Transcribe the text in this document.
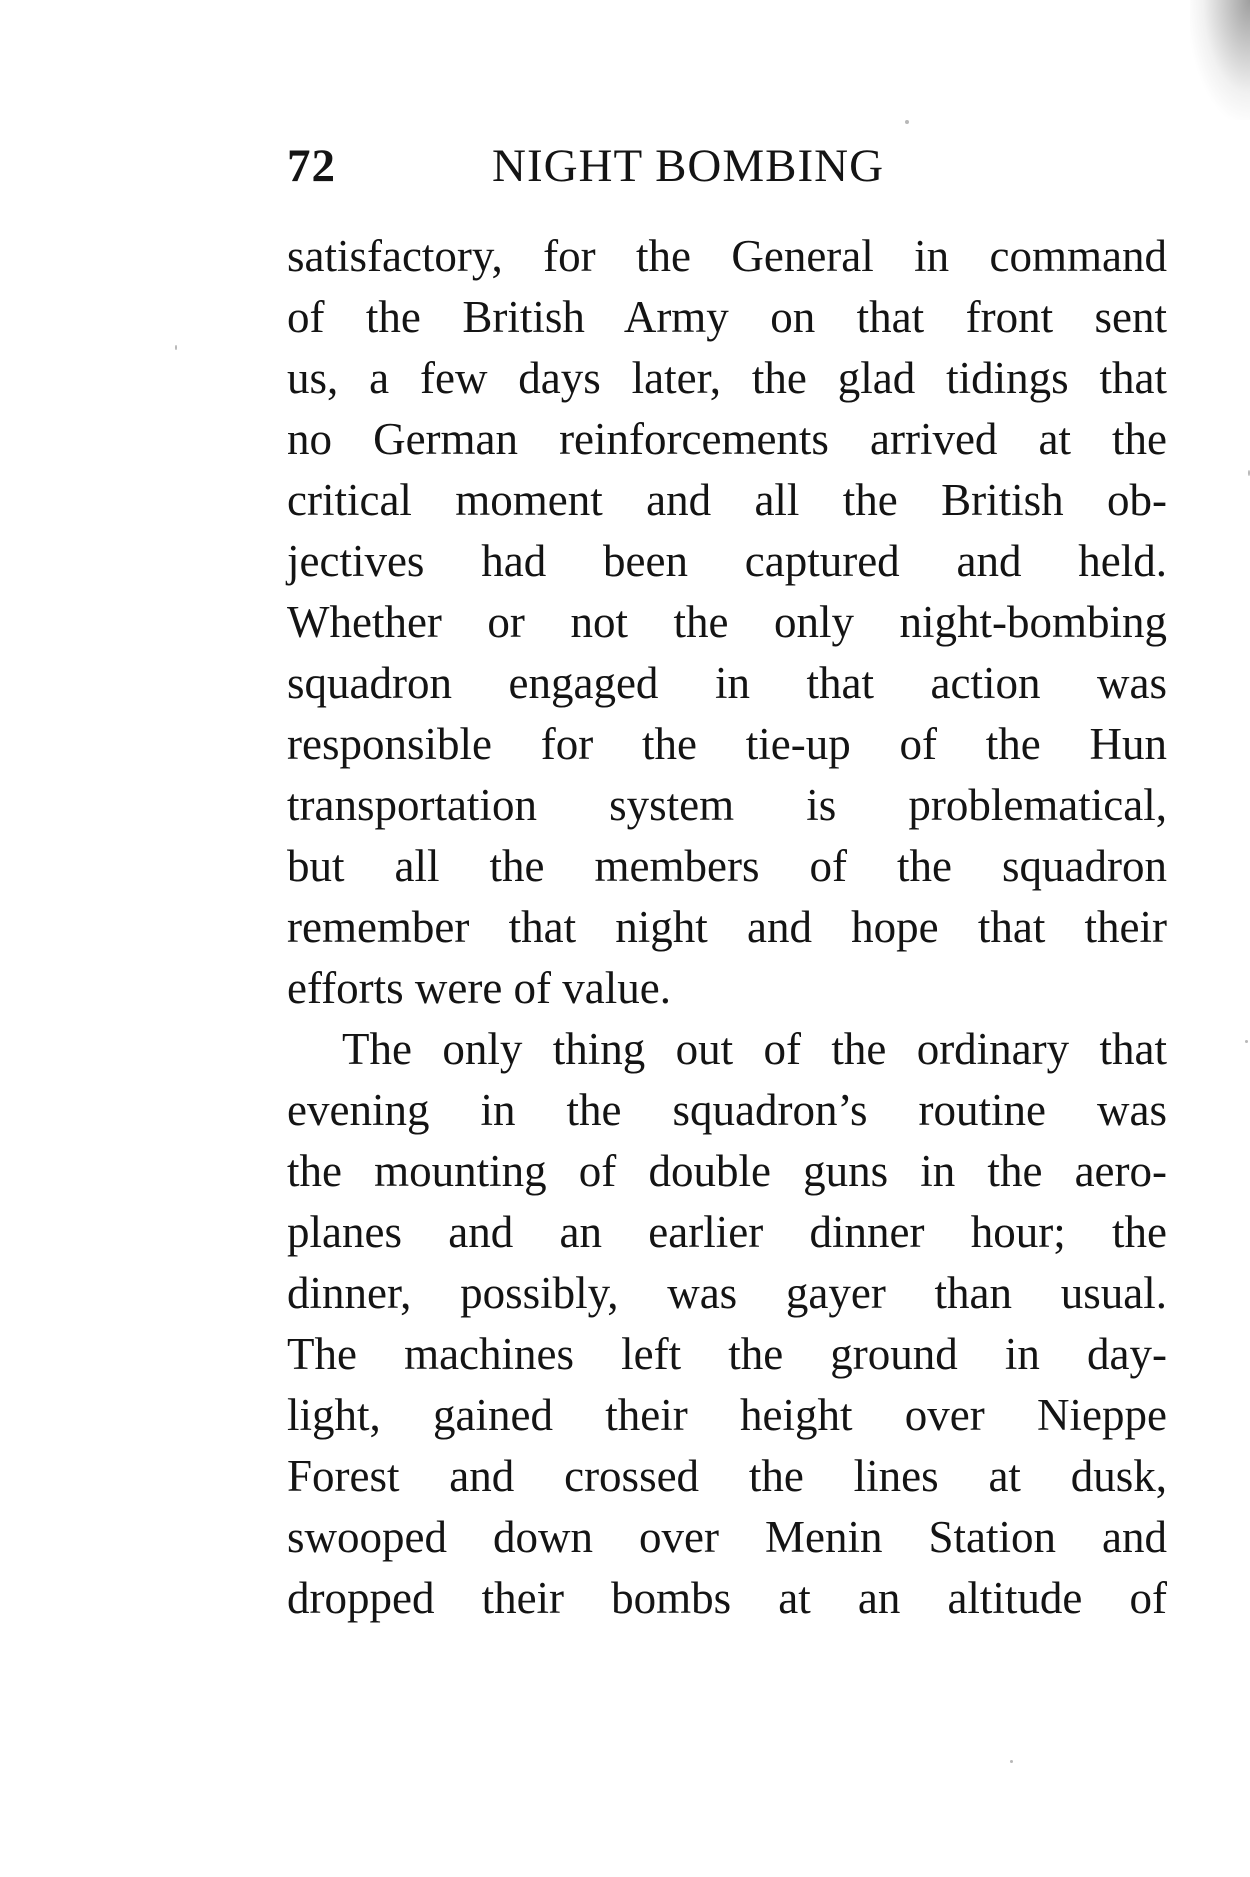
72	NIGHT BOMBING
satisfactory, for the General in command
of the British Army on that front sent
us, a few days later, the glad tidings that
no German reinforcements arrived at the
critical moment and all the British ob-
jectives had been captured and held.
Whether or not the only night-bombing
squadron engaged in that action was
responsible for the tie-up of the Hun
transportation system is problematical,
but all the members of the squadron
remember that night and hope that their
efforts were of value.
The only thing out of the ordinary that
evening in the squadron’s routine was
the mounting of double guns in the aero-
planes and an earlier dinner hour; the
dinner, possibly, was gayer than usual.
The machines left the ground in day-
light, gained their height over Nieppe
Forest and crossed the lines at dusk,
swooped down over Menin Station and
dropped their bombs at an altitude of
